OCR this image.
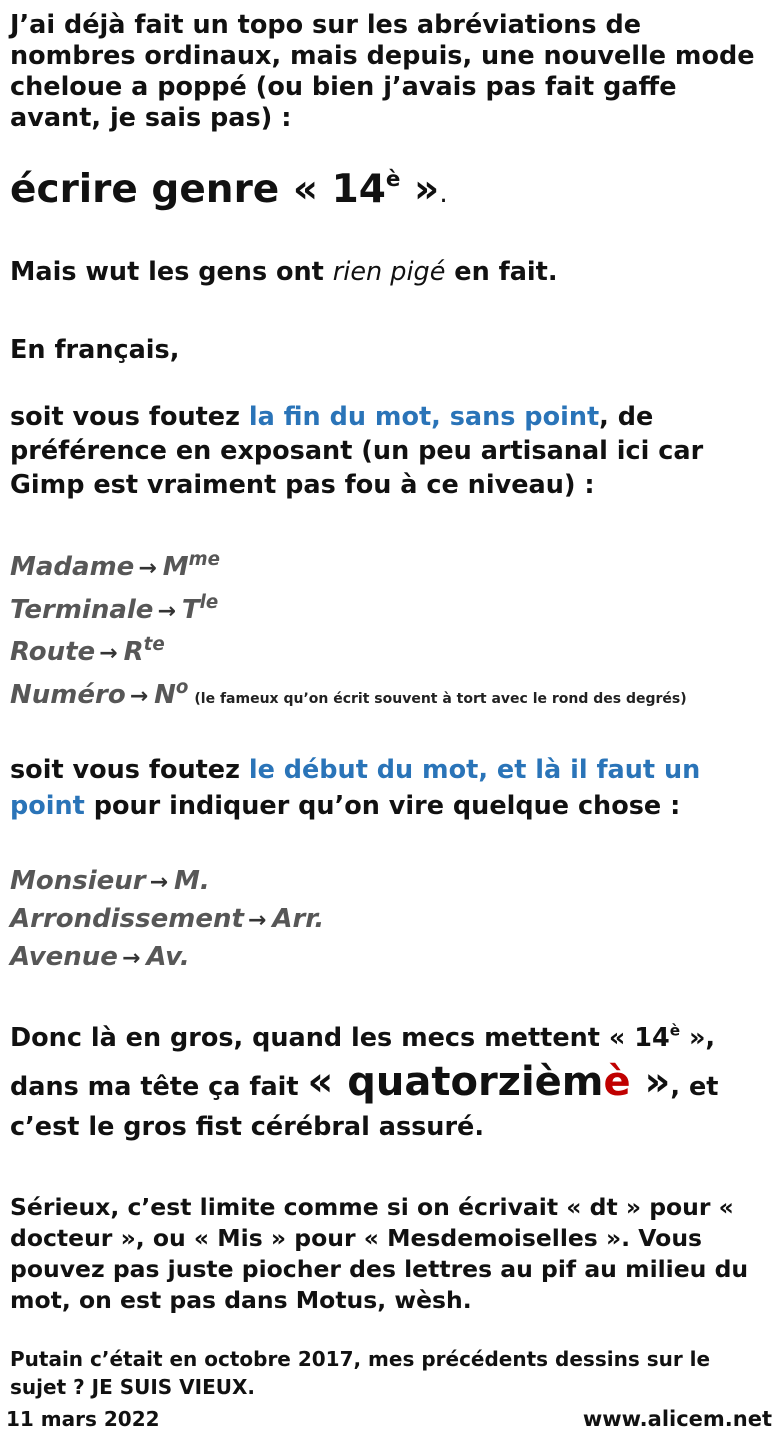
J’ai déjà fait un topo sur les abréviations de nombres ordinaux, mais depuis, une nouvelle mode cheloue a poppé (ou bien j’avais pas fait gaffe avant, je sais pas) :
écrire genre « $14^è$ ».
Mais wut les gens ont rien pigé en fait.
En français,
soit vous foutez la fin du mot, sans point, de préférence en exposant (un peu artisanal ici car Gimp est vraiment pas fou à ce niveau) :
Madame → $M^{me}$
Terminale → $T^{le}$
Route → $R^{te}$
Numéro → $N^o(le$ fameux qu’on écrit souvent à tort avec le rond des degrés)
soit vous foutez le début du mot, et là il faut un point pour indiquer qu’on vire quelque chose :
Monsieur → M.
Arrondissement → Arr.
Avenue → Av.
Donc là en gros, quand les mecs mettent « $14^è$ »,
dans ma tête ça fait « quatorzièmè », et c’est le gros fist cérébral assuré.
Sérieux, c’est limite comme si on écrivait « dt » pour « docteur », ou « Mis » pour « Mesdemoiselles ». Vous pouvez pas juste piocher des lettres au pif au milieu du mot, on est pas dans Motus, wèsh.
Putain c’était en octobre 2017, mes précédents dessins sur le sujet ? JE SUIS VIEUX.
11 mars 2022	www.alicem.net
